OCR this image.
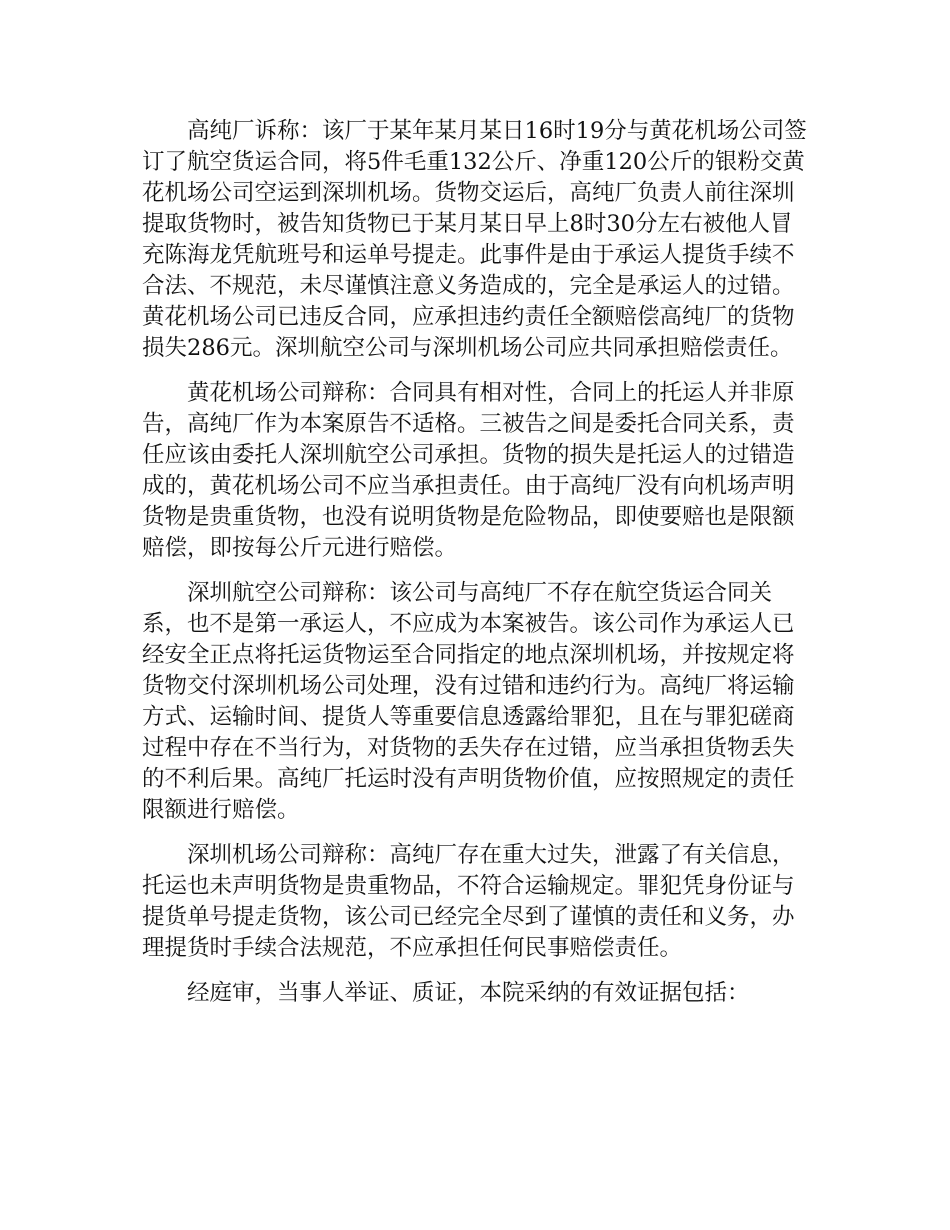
高纯厂诉称：该厂于某年某月某日16时19分与黄花机场公司签订了航空货运合同，将5件毛重132公斤、净重120公斤的银粉交黄花机场公司空运到深圳机场。货物交运后，高纯厂负责人前往深圳提取货物时，被告知货物已于某月某日早上8时30分左右被他人冒充陈海龙凭航班号和运单号提走。此事件是由于承运人提货手续不合法、不规范，未尽谨慎注意义务造成的，完全是承运人的过错。黄花机场公司已违反合同，应承担违约责任全额赔偿高纯厂的货物损失286元。深圳航空公司与深圳机场公司应共同承担赔偿责任。

黄花机场公司辩称：合同具有相对性，合同上的托运人并非原告，高纯厂作为本案原告不适格。三被告之间是委托合同关系，责任应该由委托人深圳航空公司承担。货物的损失是托运人的过错造成的，黄花机场公司不应当承担责任。由于高纯厂没有向机场声明货物是贵重货物，也没有说明货物是危险物品，即使要赔也是限额赔偿，即按每公斤元进行赔偿。

深圳航空公司辩称：该公司与高纯厂不存在航空货运合同关系，也不是第一承运人，不应成为本案被告。该公司作为承运人已经安全正点将托运货物运至合同指定的地点深圳机场，并按规定将货物交付深圳机场公司处理，没有过错和违约行为。高纯厂将运输方式、运输时间、提货人等重要信息透露给罪犯，且在与罪犯磋商过程中存在不当行为，对货物的丢失存在过错，应当承担货物丢失的不利后果。高纯厂托运时没有声明货物价值，应按照规定的责任限额进行赔偿。

深圳机场公司辩称：高纯厂存在重大过失，泄露了有关信息，托运也未声明货物是贵重物品，不符合运输规定。罪犯凭身份证与提货单号提走货物，该公司已经完全尽到了谨慎的责任和义务，办理提货时手续合法规范，不应承担任何民事赔偿责任。

经庭审，当事人举证、质证，本院采纳的有效证据包括：
